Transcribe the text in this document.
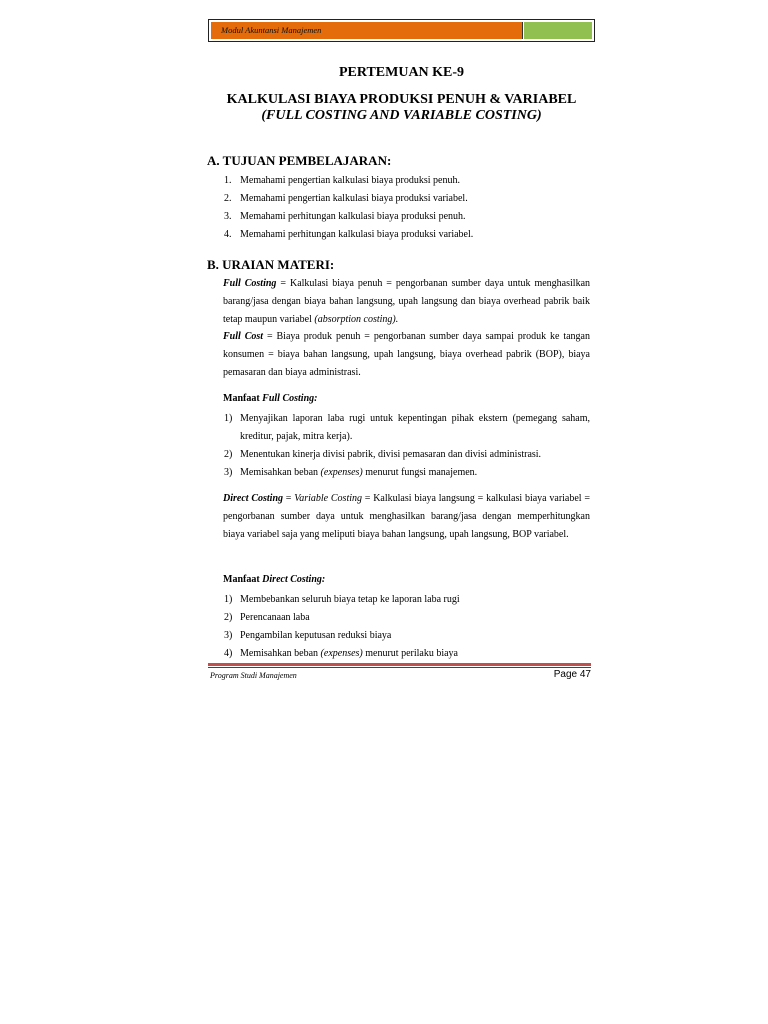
Modul Akuntansi Manajemen
PERTEMUAN KE-9
KALKULASI BIAYA PRODUKSI PENUH & VARIABEL
(FULL COSTING AND VARIABLE COSTING)
A. TUJUAN PEMBELAJARAN:
1. Memahami pengertian kalkulasi biaya produksi penuh.
2. Memahami pengertian kalkulasi biaya produksi variabel.
3. Memahami perhitungan kalkulasi biaya produksi penuh.
4. Memahami perhitungan kalkulasi biaya produksi variabel.
B. URAIAN MATERI:

Full Costing = Kalkulasi biaya penuh = pengorbanan sumber daya untuk menghasilkan barang/jasa dengan biaya bahan langsung, upah langsung dan biaya overhead pabrik baik tetap maupun variabel (absorption costing).

Full Cost = Biaya produk penuh = pengorbanan sumber daya sampai produk ke tangan konsumen = biaya bahan langsung, upah langsung, biaya overhead pabrik (BOP), biaya pemasaran dan biaya administrasi.

Manfaat Full Costing:
1) Menyajikan laporan laba rugi untuk kepentingan pihak ekstern (pemegang saham, kreditur, pajak, mitra kerja).
2) Menentukan kinerja divisi pabrik, divisi pemasaran dan divisi administrasi.
3) Memisahkan beban (expenses) menurut fungsi manajemen.

Direct Costing = Variable Costing = Kalkulasi biaya langsung = kalkulasi biaya variabel = pengorbanan sumber daya untuk menghasilkan barang/jasa dengan memperhitungkan biaya variabel saja yang meliputi biaya bahan langsung, upah langsung, BOP variabel.

Manfaat Direct Costing:
1) Membebankan seluruh biaya tetap ke laporan laba rugi
2) Perencanaan laba
3) Pengambilan keputusan reduksi biaya
4) Memisahkan beban (expenses) menurut perilaku biaya
Program Studi Manajemen	Page 47
